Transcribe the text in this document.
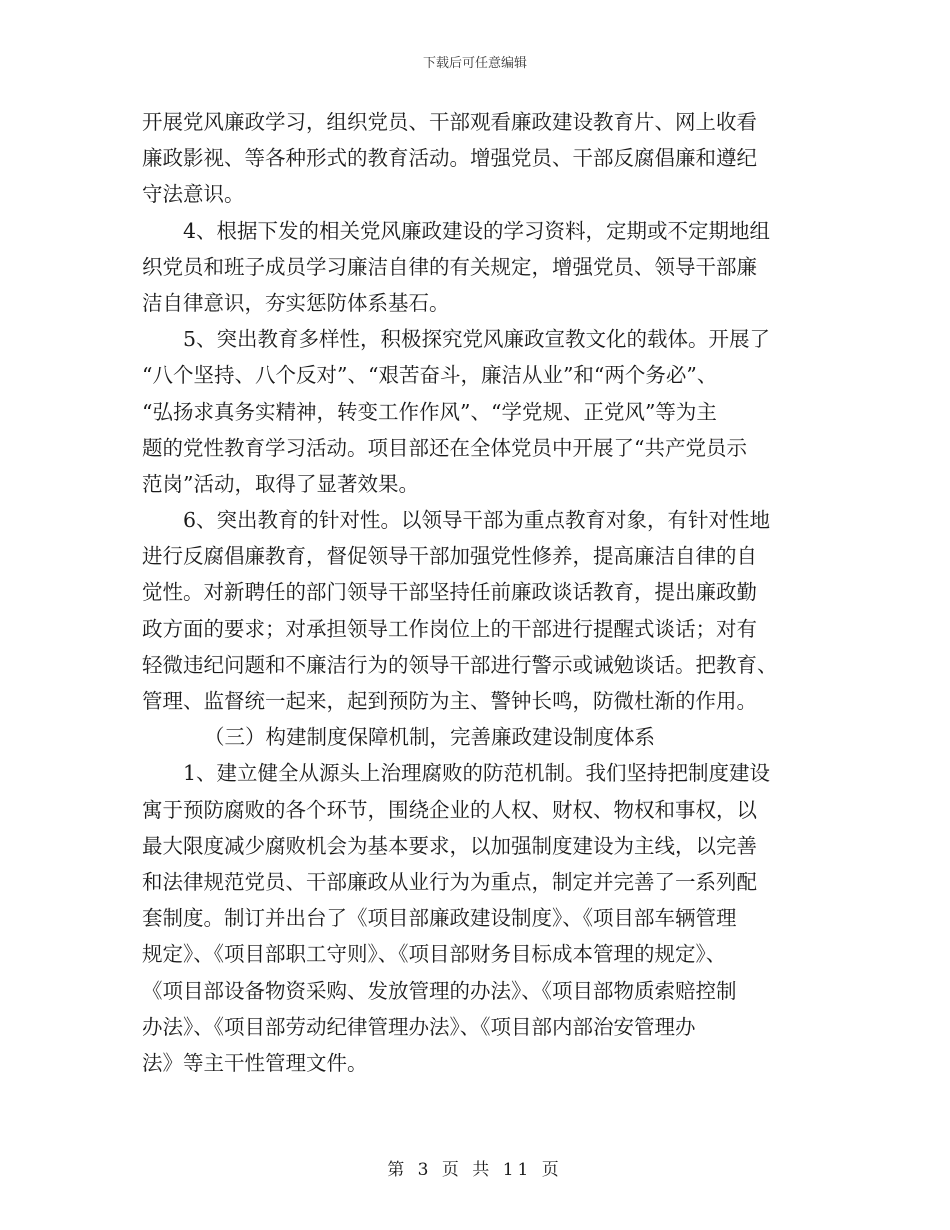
下载后可任意编辑
开展党风廉政学习，组织党员、干部观看廉政建设教育片、网上收看
廉政影视、等各种形式的教育活动。增强党员、干部反腐倡廉和遵纪
守法意识。
4、根据下发的相关党风廉政建设的学习资料，定期或不定期地组
织党员和班子成员学习廉洁自律的有关规定，增强党员、领导干部廉
洁自律意识，夯实惩防体系基石。
5、突出教育多样性，积极探究党风廉政宣教文化的载体。开展了
“八个坚持、八个反对”、“艰苦奋斗，廉洁从业”和“两个务必”、
“弘扬求真务实精神，转变工作作风”、“学党规、正党风”等为主
题的党性教育学习活动。项目部还在全体党员中开展了“共产党员示
范岗”活动，取得了显著效果。
6、突出教育的针对性。以领导干部为重点教育对象，有针对性地
进行反腐倡廉教育，督促领导干部加强党性修养，提高廉洁自律的自
觉性。对新聘任的部门领导干部坚持任前廉政谈话教育，提出廉政勤
政方面的要求；对承担领导工作岗位上的干部进行提醒式谈话；对有
轻微违纪问题和不廉洁行为的领导干部进行警示或诫勉谈话。把教育、
管理、监督统一起来，起到预防为主、警钟长鸣，防微杜渐的作用。
（三）构建制度保障机制，完善廉政建设制度体系
1、建立健全从源头上治理腐败的防范机制。我们坚持把制度建设
寓于预防腐败的各个环节，围绕企业的人权、财权、物权和事权，以
最大限度减少腐败机会为基本要求，以加强制度建设为主线，以完善
和法律规范党员、干部廉政从业行为为重点，制定并完善了一系列配
套制度。制订并出台了《项目部廉政建设制度》、《项目部车辆管理
规定》、《项目部职工守则》、《项目部财务目标成本管理的规定》、
《项目部设备物资采购、发放管理的办法》、《项目部物质索赔控制
办法》、《项目部劳动纪律管理办法》、《项目部内部治安管理办
法》等主干性管理文件。
第 3 页 共 11 页
